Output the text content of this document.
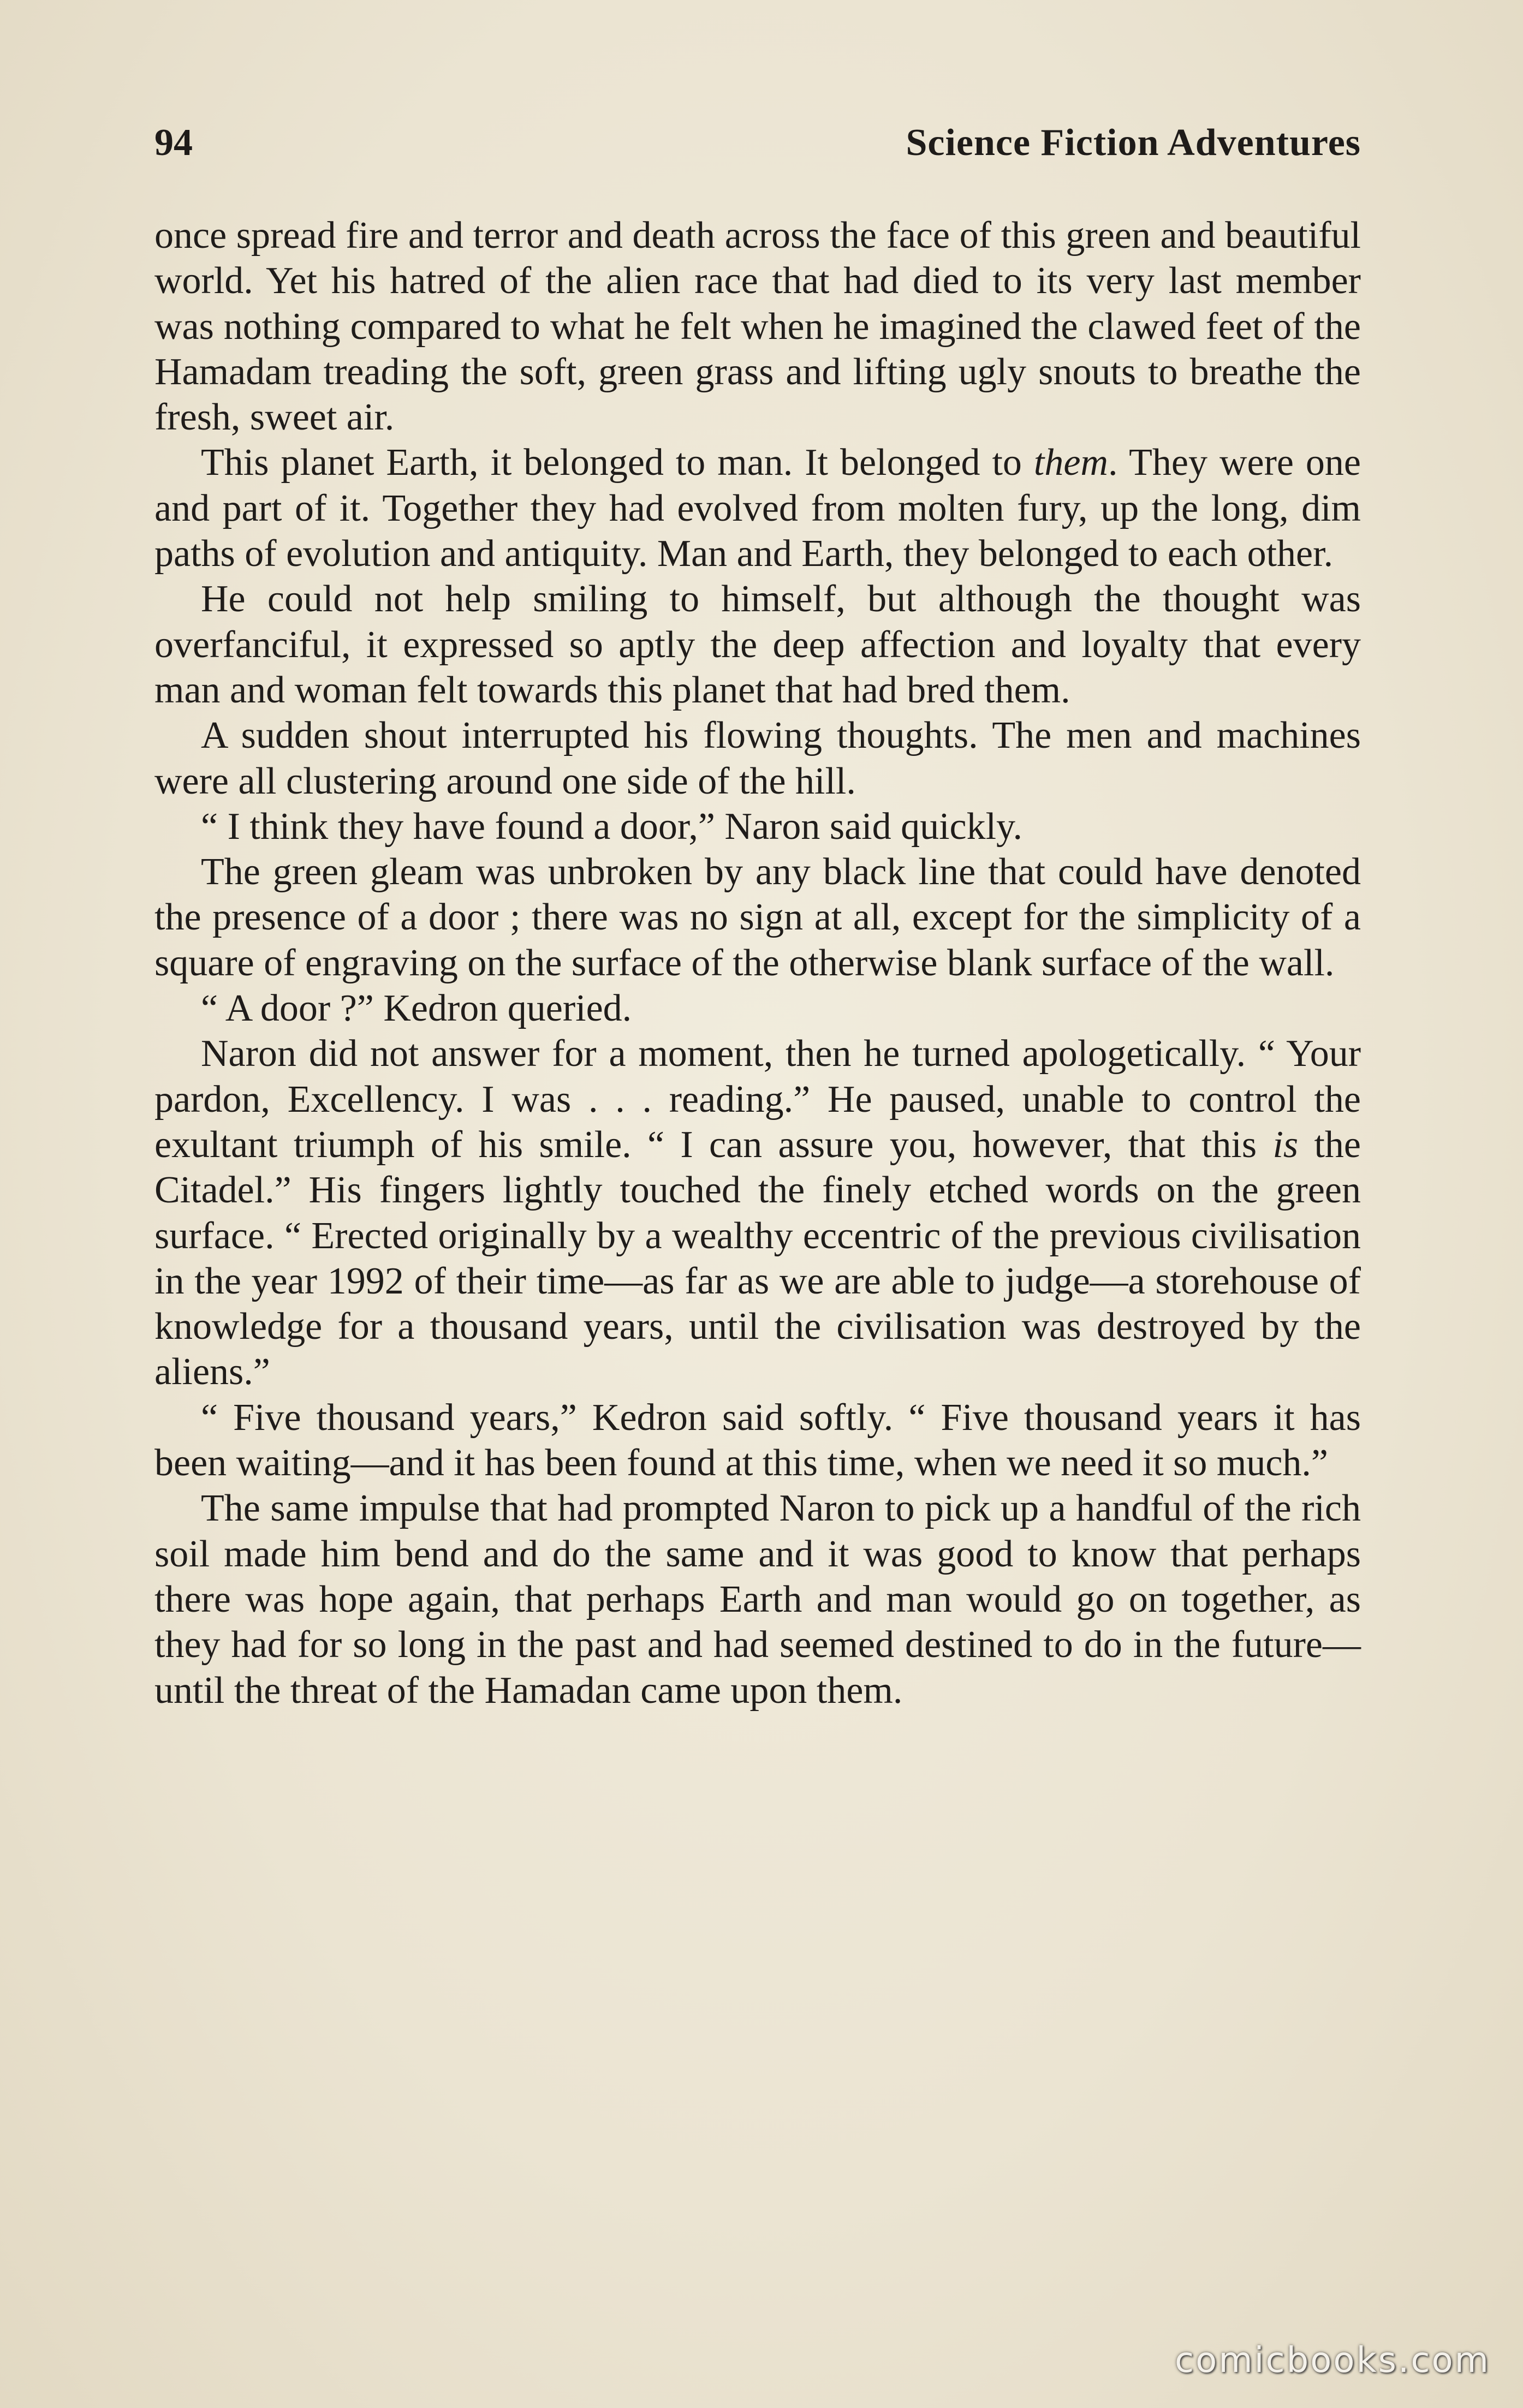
94	Science Fiction Adventures

once spread fire and terror and death across the face of this green and beautiful world. Yet his hatred of the alien race that had died to its very last member was nothing compared to what he felt when he imagined the clawed feet of the Hamadam treading the soft, green grass and lifting ugly snouts to breathe the fresh, sweet air.

This planet Earth, it belonged to man. It belonged to them. They were one and part of it. Together they had evolved from molten fury, up the long, dim paths of evolution and antiquity. Man and Earth, they belonged to each other.

He could not help smiling to himself, but although the thought was overfanciful, it expressed so aptly the deep affection and loyalty that every man and woman felt towards this planet that had bred them.

A sudden shout interrupted his flowing thoughts. The men and machines were all clustering around one side of the hill.

“ I think they have found a door,” Naron said quickly.

The green gleam was unbroken by any black line that could have denoted the presence of a door ; there was no sign at all, except for the simplicity of a square of engraving on the surface of the otherwise blank surface of the wall.

“ A door ?” Kedron queried.

Naron did not answer for a moment, then he turned apologetically. “ Your pardon, Excellency. I was . . . reading.” He paused, unable to control the exultant triumph of his smile. “ I can assure you, however, that this is the Citadel.” His fingers lightly touched the finely etched words on the green surface. “ Erected originally by a wealthy eccentric of the previous civilisation in the year 1992 of their time—as far as we are able to judge—a storehouse of knowledge for a thousand years, until the civilisation was destroyed by the aliens.”

“ Five thousand years,” Kedron said softly. “ Five thousand years it has been waiting—and it has been found at this time, when we need it so much.”

The same impulse that had prompted Naron to pick up a handful of the rich soil made him bend and do the same and it was good to know that perhaps there was hope again, that perhaps Earth and man would go on together, as they had for so long in the past and had seemed destined to do in the future—until the threat of the Hamadan came upon them.

comicbooks.com
